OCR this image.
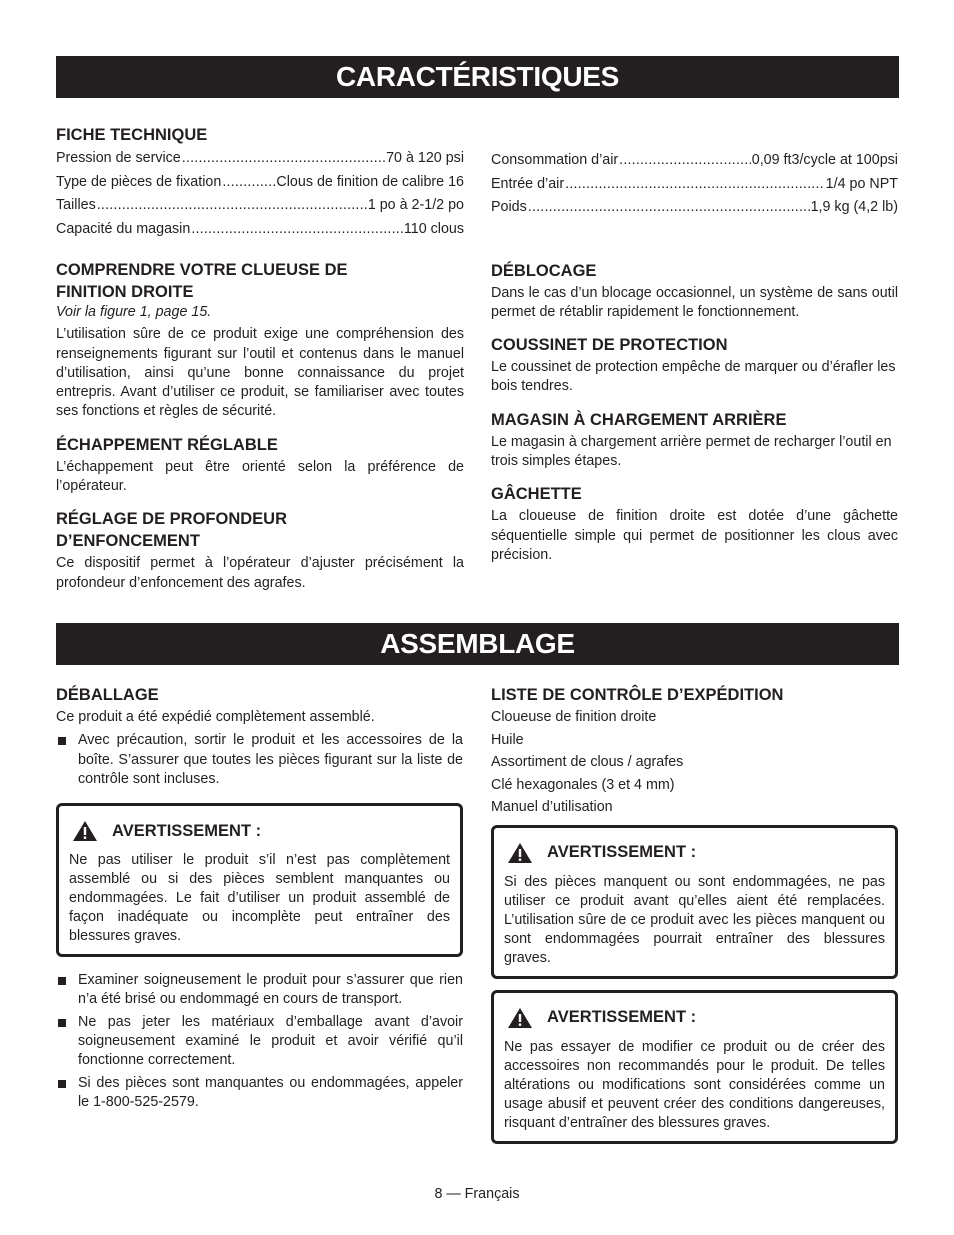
CARACTÉRISTIQUES
FICHE TECHNIQUE
Pression de service .....	70 à 120 psi
Type de pièces de fixation .....	Clous de finition de calibre 16
Tailles .....	1 po à 2-1/2 po
Capacité du magasin .....	110 clous
COMPRENDRE VOTRE CLUEUSE DE FINITION DROITE

Voir la figure 1, page 15.

L’utilisation sûre de ce produit exige une compréhension des renseignements figurant sur l’outil et contenus dans le manuel d’utilisation, ainsi qu’une bonne connaissance du projet entrepris. Avant d’utiliser ce produit, se familiariser avec toutes ses fonctions et règles de sécurité.

ÉCHAPPEMENT RÉGLABLE

L’échappement peut être orienté selon la préférence de l’opérateur.

RÉGLAGE DE PROFONDEUR D’ENFONCEMENT

Ce dispositif permet à l’opérateur d’ajuster précisément la profondeur d’enfoncement des agrafes.

Consommation d’air .....	0,09 ft3/cycle at 100psi
Entrée d’air .....	1/4 po NPT
Poids .....	1,9 kg (4,2 lb)
DÉBLOCAGE

Dans le cas d’un blocage occasionnel, un système de sans outil permet de rétablir rapidement le fonctionnement.

COUSSINET DE PROTECTION

Le coussinet de protection empêche de marquer ou d’érafler les bois tendres.

MAGASIN À CHARGEMENT ARRIÈRE

Le magasin à chargement arrière permet de recharger l’outil en trois simples étapes.

GÂCHETTE

La cloueuse de finition droite est dotée d’une gâchette séquentielle simple qui permet de positionner les clous avec précision.

ASSEMBLAGE
DÉBALLAGE

Ce produit a été expédié complètement assemblé.

Avec précaution, sortir le produit et les accessoires de la boîte. S’assurer que toutes les pièces figurant sur la liste de contrôle sont incluses.
AVERTISSEMENT :

Ne pas utiliser le produit s’il n’est pas complètement assemblé ou si des pièces semblent manquantes ou endommagées. Le fait d’utiliser un produit assemblé de façon inadéquate ou incomplète peut entraîner des blessures graves.

Examiner soigneusement le produit pour s’assurer que rien n’a été brisé ou endommagé en cours de transport.
Ne pas jeter les matériaux d’emballage avant d’avoir soigneusement examiné le produit et avoir vérifié qu’il fonctionne correctement.
Si des pièces sont manquantes ou endommagées, appeler le 1-800-525-2579.
LISTE DE CONTRÔLE D’EXPÉDITION
Cloueuse de finition droite
Huile
Assortiment de clous / agrafes
Clé hexagonales (3 et 4 mm)
Manuel d’utilisation
AVERTISSEMENT :

Si des pièces manquent ou sont endommagées, ne pas utiliser ce produit avant qu’elles aient été remplacées. L’utilisation sûre de ce produit avec les pièces manquent ou sont endommagées pourrait entraîner des blessures graves.

AVERTISSEMENT :

Ne pas essayer de modifier ce produit ou de créer des accessoires non recommandés pour le produit. De telles altérations ou modifications sont considérées comme un usage abusif et peuvent créer des conditions dangereuses, risquant d’entraîner des blessures graves.

8 — Français
